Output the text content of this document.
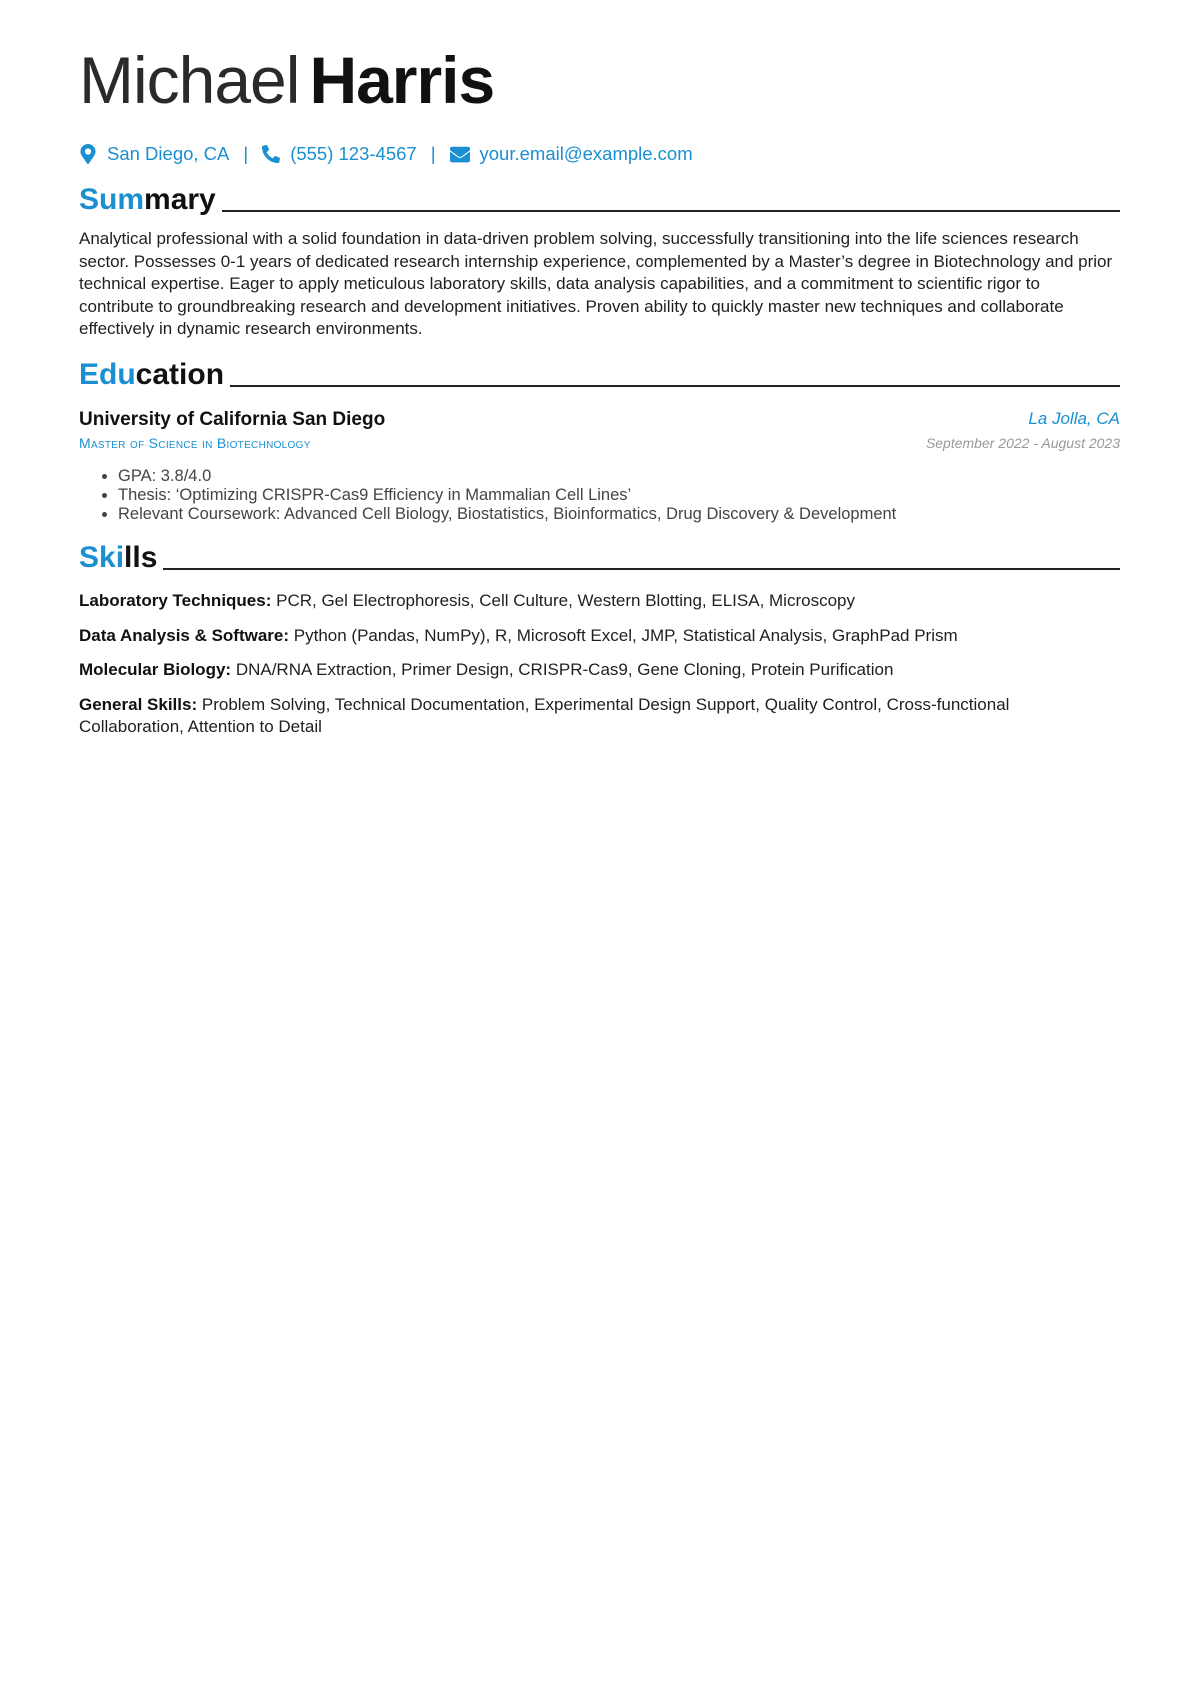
Michael Harris
San Diego, CA | (555) 123-4567 | your.email@example.com
Summary

Analytical professional with a solid foundation in data-driven problem solving, successfully transitioning into the life sciences research sector. Possesses 0-1 years of dedicated research internship experience, complemented by a Master’s degree in Biotechnology and prior technical expertise. Eager to apply meticulous laboratory skills, data analysis capabilities, and a commitment to scientific rigor to contribute to groundbreaking research and development initiatives. Proven ability to quickly master new techniques and collaborate effectively in dynamic research environments.

Education
University of California San Diego	La Jolla, CA
Master of Science in Biotechnology	September 2022 - August 2023
• GPA: 3.8/4.0
• Thesis: ‘Optimizing CRISPR-Cas9 Efficiency in Mammalian Cell Lines’
• Relevant Coursework: Advanced Cell Biology, Biostatistics, Bioinformatics, Drug Discovery & Development
Skills
Laboratory Techniques: PCR, Gel Electrophoresis, Cell Culture, Western Blotting, ELISA, Microscopy
Data Analysis & Software: Python (Pandas, NumPy), R, Microsoft Excel, JMP, Statistical Analysis, GraphPad Prism
Molecular Biology: DNA/RNA Extraction, Primer Design, CRISPR-Cas9, Gene Cloning, Protein Purification
General Skills: Problem Solving, Technical Documentation, Experimental Design Support, Quality Control, Cross-functional Collaboration, Attention to Detail
